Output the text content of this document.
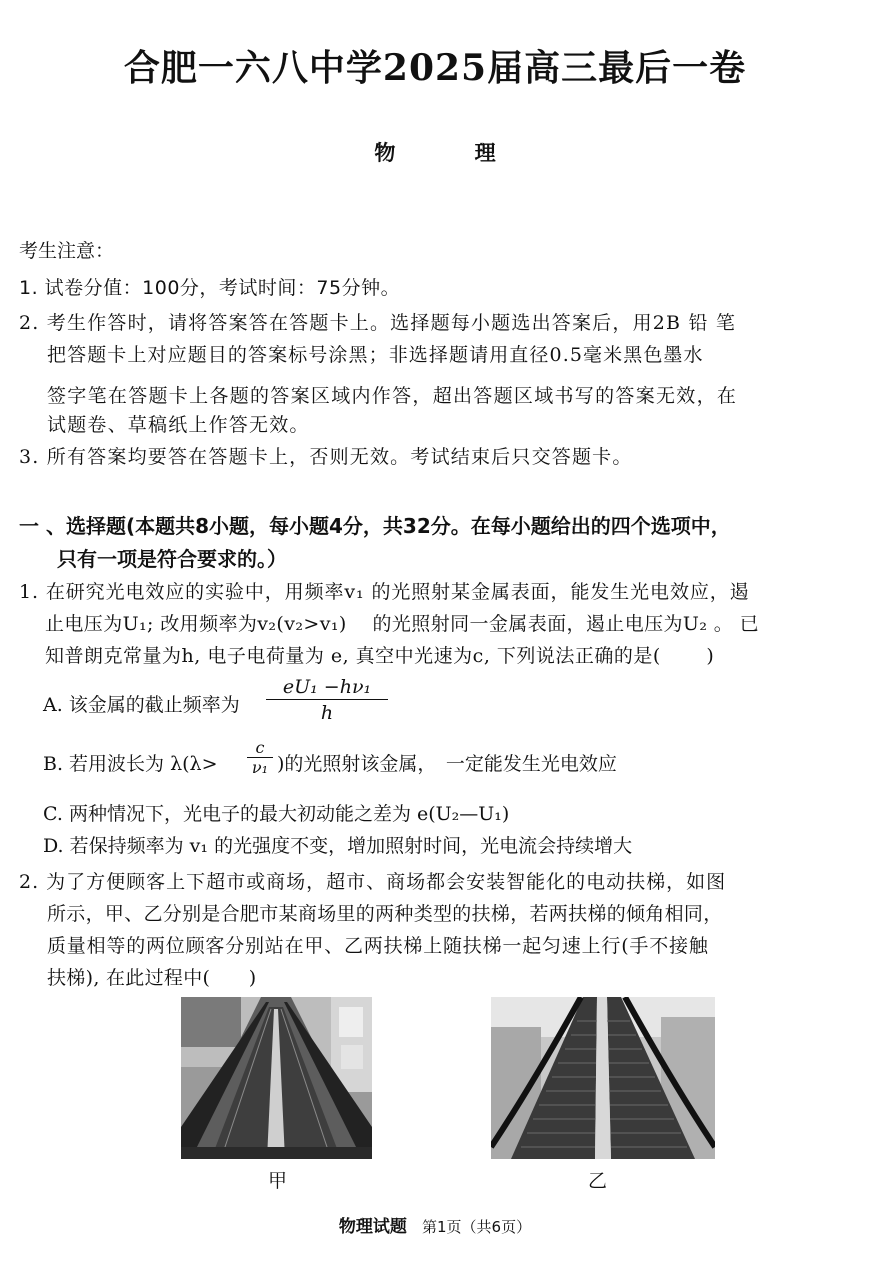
合肥一六八中学2025届高三最后一卷
物 理
考生注意：
1. 试卷分值：100分，考试时间：75分钟。
2. 考生作答时，请将答案答在答题卡上。选择题每小题选出答案后，用2B 铅 笔
把答题卡上对应题目的答案标号涂黑；非选择题请用直径0.5毫米黑色墨水
签字笔在答题卡上各题的答案区域内作答，超出答题区域书写的答案无效，在
试题卷、草稿纸上作答无效。
3. 所有答案均要答在答题卡上，否则无效。考试结束后只交答题卡。
一 、选择题(本题共8小题，每小题4分，共32分。在每小题给出的四个选项中，
只有一项是符合要求的。）
1. 在研究光电效应的实验中，用频率v₁ 的光照射某金属表面，能发生光电效应，遏
止电压为U₁; 改用频率为v₂(v₂>v₁)　 的光照射同一金属表面，遏止电压为U₂ 。 已
知普朗克常量为h, 电子电荷量为 e, 真空中光速为c, 下列说法正确的是(　　 )
A. 该金属的截止频率为 $\frac{\text{eU₁ −hν₁}}{h}$
B. 若用波长为 $\lambda(\lambda> \frac{c}{\text{ν₁}}$ )的光照射该金属，　一定能发生光电效应
C. 两种情况下，光电子的最大初动能之差为 e(U₂—U₁)
D. 若保持频率为 v₁ 的光强度不变，增加照射时间，光电流会持续增大
2. 为了方便顾客上下超市或商场，超市、商场都会安装智能化的电动扶梯，如图
所示，甲、乙分别是合肥市某商场里的两种类型的扶梯，若两扶梯的倾角相同，
质量相等的两位顾客分别站在甲、乙两扶梯上随扶梯一起匀速上行(手不接触
扶梯), 在此过程中(　　)
甲	乙
物理试题 第1页（共6页）
